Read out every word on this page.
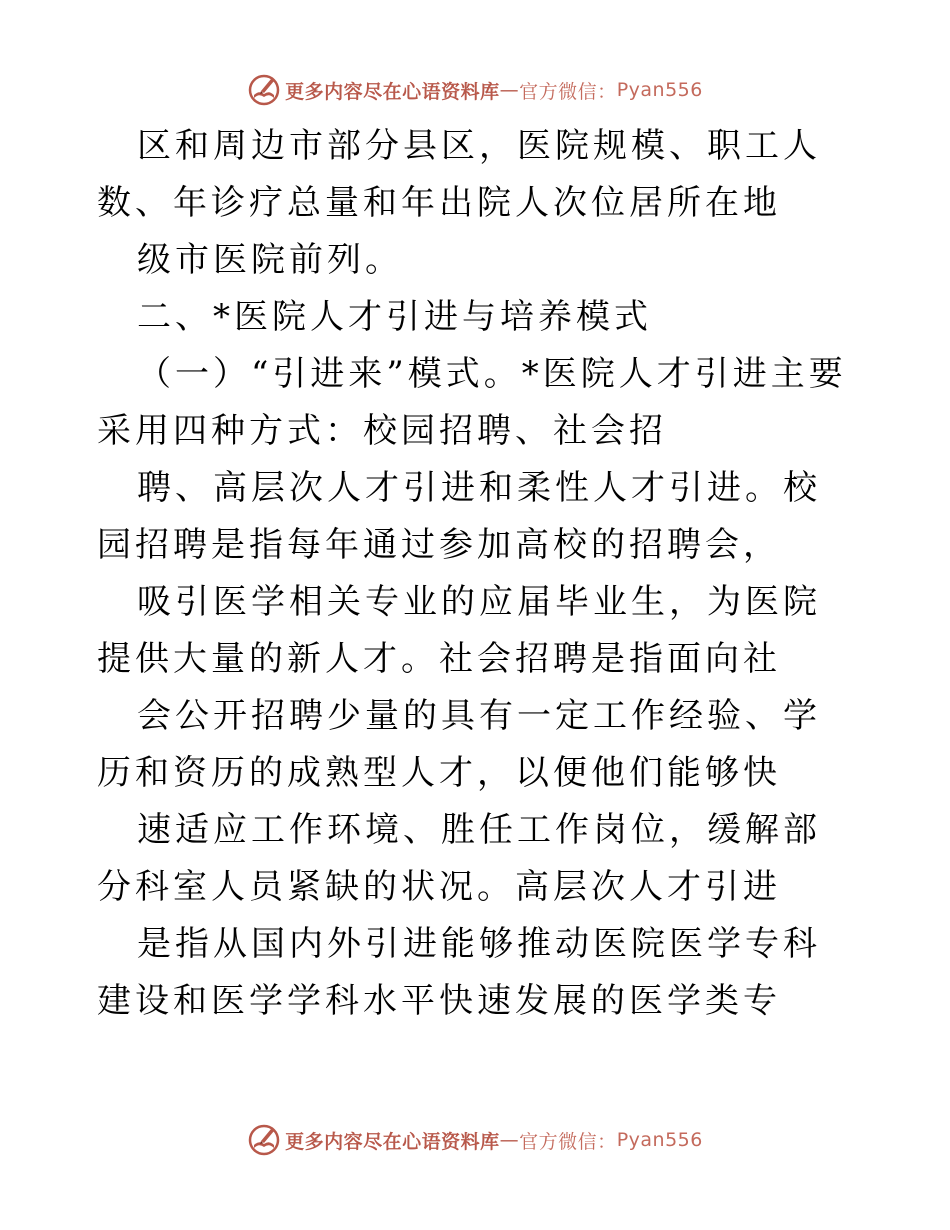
更多内容尽在心语资料库 — 官方微信： Pyan556

区和周边市部分县区，医院规模、职工人数、年诊疗总量和年出院人次位居所在地

级市医院前列。

二、*医院人才引进与培养模式

（一）“引进来”模式。*医院人才引进主要采用四种方式：校园招聘、社会招

聘、高层次人才引进和柔性人才引进。校园招聘是指每年通过参加高校的招聘会，

吸引医学相关专业的应届毕业生，为医院提供大量的新人才。社会招聘是指面向社

会公开招聘少量的具有一定工作经验、学历和资历的成熟型人才，以便他们能够快

速适应工作环境、胜任工作岗位，缓解部分科室人员紧缺的状况。高层次人才引进

是指从国内外引进能够推动医院医学专科建设和医学学科水平快速发展的医学类专

更多内容尽在心语资料库 — 官方微信： Pyan556
